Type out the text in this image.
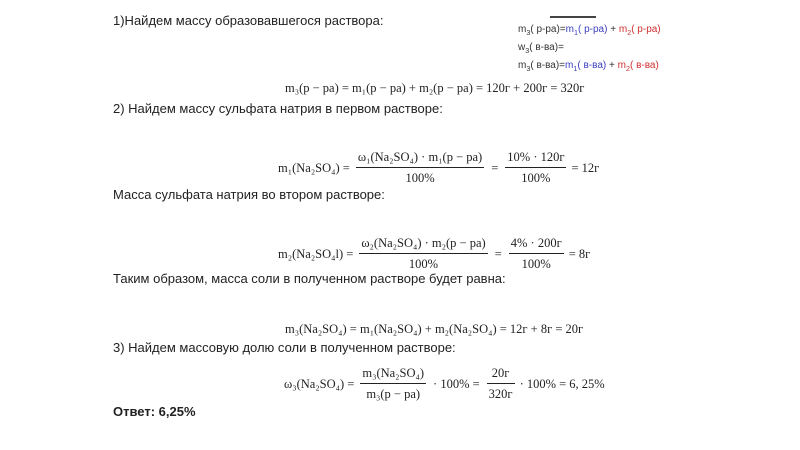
1)Найдем массу образовавшегося раствора:
$m_3$( $р-ра)=m_1$( $р-ра) + m_2$( р-ра)
$w_3$( в-ва)=
$m_3$( $в-ва)=m_1$( $в-ва) + m_2$( в-ва)
m₃(р − ра) = m₁(р − ра) + m₂(р − ра) = 120г + 200г = 320г
2) Найдем массу сульфата натрия в первом растворе:
$m_1(Na_2SO_4) = \frac{\text{ω₁(Na₂SO₄) · m₁(р − ра)}}{100\%} = \frac{10\% \cdot 120г}{100\%} = 12г$
Масса сульфата натрия во втором растворе:
$m_2(Na_2SO_4l) = \frac{\text{ω₂(Na₂SO₄) · m₂(р − ра)}}{100\%} = \frac{4\% \cdot 200г}{100\%} = 8г$
Таким образом, масса соли в полученном растворе будет равна:
m₃(Na₂SO₄) = m₁(Na₂SO₄) + m₂(Na₂SO₄) = 12г + 8г = 20г
3) Найдем массовую долю соли в полученном растворе:
$\omega_3(Na_2SO_4) = \frac{\text{m₃(Na₂SO₄)}}{\text{m₃(р − ра)}} \cdot 100\% = \frac{20г}{320г} \cdot 100\% = 6$, 25%
Ответ: 6,25%
